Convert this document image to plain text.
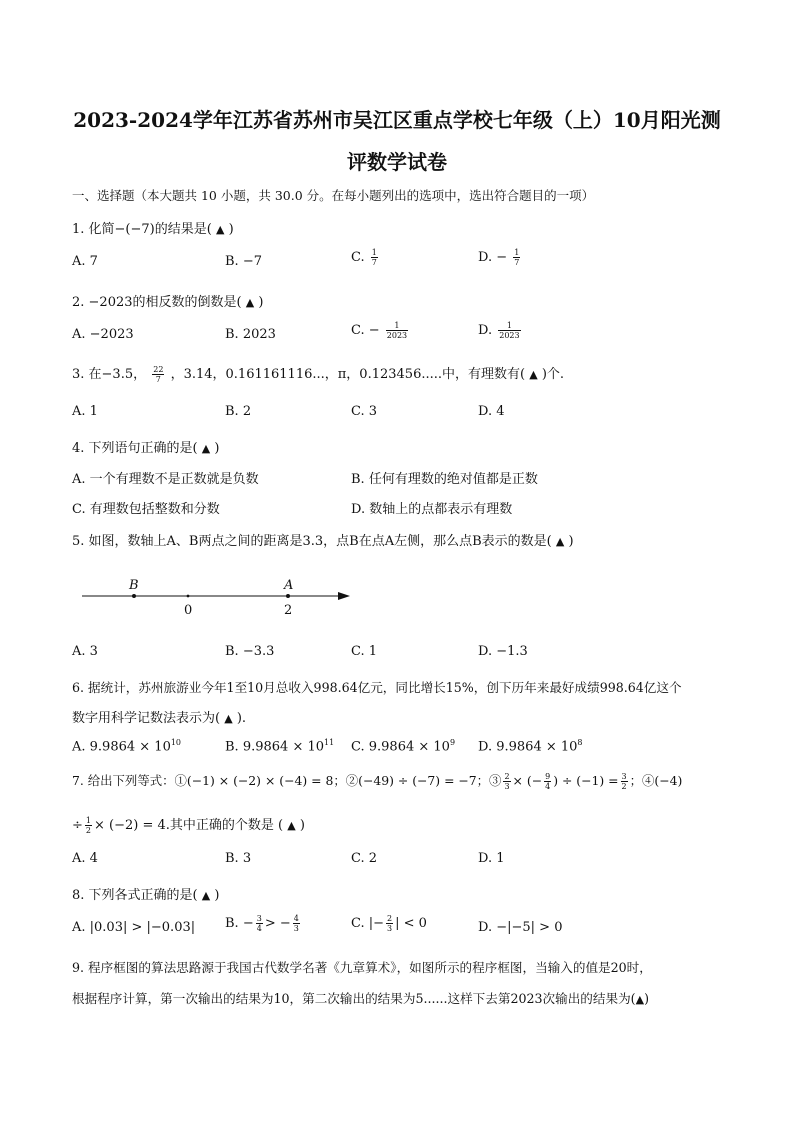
2023-2024学年江苏省苏州市吴江区重点学校七年级（上）10月阳光测
评数学试卷
一、选择题（本大题共 10 小题，共 30.0 分。在每小题列出的选项中，选出符合题目的一项）
1. 化简−(−7)的结果是( ▲ )
A. 7	B. −7	C. $\frac{1}{7}$	D. − $\frac{1}{7}$
2. −2023的相反数的倒数是( ▲ )
A. −2023	B. 2023	C. − $\frac{1}{2023}$	D. $\frac{1}{2023}$
3. 在−3.5， $\frac{22}{7}$ ，3.14，0.161161116...，π，0.123456.....中，有理数有( ▲ )个.
A. 1	B. 2	C. 3	D. 4
4. 下列语句正确的是( ▲ )
A. 一个有理数不是正数就是负数	B. 任何有理数的绝对值都是正数
C. 有理数包括整数和分数	D. 数轴上的点都表示有理数
5. 如图，数轴上A、B两点之间的距离是3.3，点B在点A左侧，那么点B表示的数是( ▲ )
B	A
0	2
A. 3	B. −3.3	C. 1	D. −1.3
6. 据统计，苏州旅游业今年1至10月总收入998.64亿元，同比增长15%，创下历年来最好成绩998.64亿这个
数字用科学记数法表示为( ▲ ).
A. $9.9864 \times 10^{10}$	B. $9.9864 \times 10^{11}$ C. $9.9864 \times 10^9$ D. $9.9864 \times 10^8$
7. 给出下列等式：①(−1) × (−2) × (−4) = 8；②(−49) ÷ (−7) = −7；③ $\frac{2}{3}$ × (− $\frac{9}{4}$ ) ÷ $(-1) = \frac{3}{2}$ ；④(−4)
÷ $\frac{1}{2} \times (-2) = 4$.其中正确的个数是 ( ▲ )
A. 4	B. 3	C. 2	D. 1
8. 下列各式正确的是( ▲ )
A. |0.03| > |−0.03| B. − $\frac{3}{4}$ > − $\frac{4}{3}$	C. |− $\frac{2}{3}$ | < 0	D. −|−5| > 0
9. 程序框图的算法思路源于我国古代数学名著《九章算术》，如图所示的程序框图，当输入的值是20时，
根据程序计算，第一次输出的结果为10，第二次输出的结果为5......这样下去第2023次输出的结果为(▲)
